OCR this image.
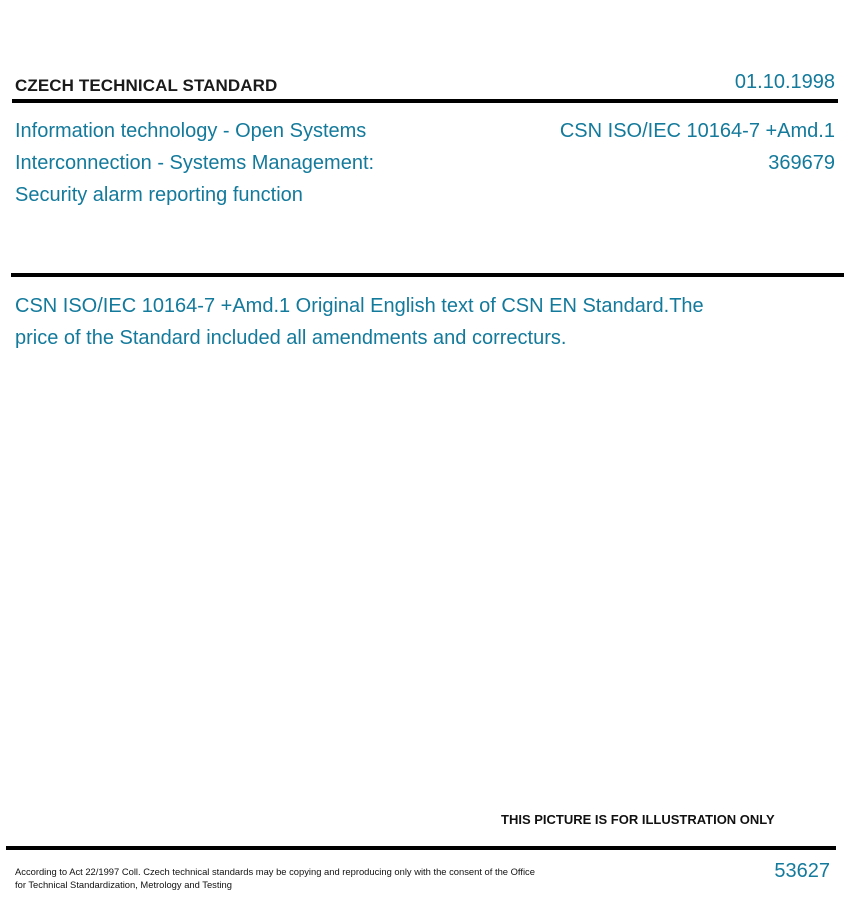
CZECH TECHNICAL STANDARD	01.10.1998
Information technology - Open Systems
Interconnection - Systems Management:
Security alarm reporting function
CSN ISO/IEC 10164-7 +Amd.1
369679
CSN ISO/IEC 10164-7 +Amd.1 Original English text of CSN EN Standard.The
price of the Standard included all amendments and correcturs.
THIS PICTURE IS FOR ILLUSTRATION ONLY
According to Act 22/1997 Coll. Czech technical standards may be copying and reproducing only with the consent of the Office
for Technical Standardization, Metrology and Testing
53627
